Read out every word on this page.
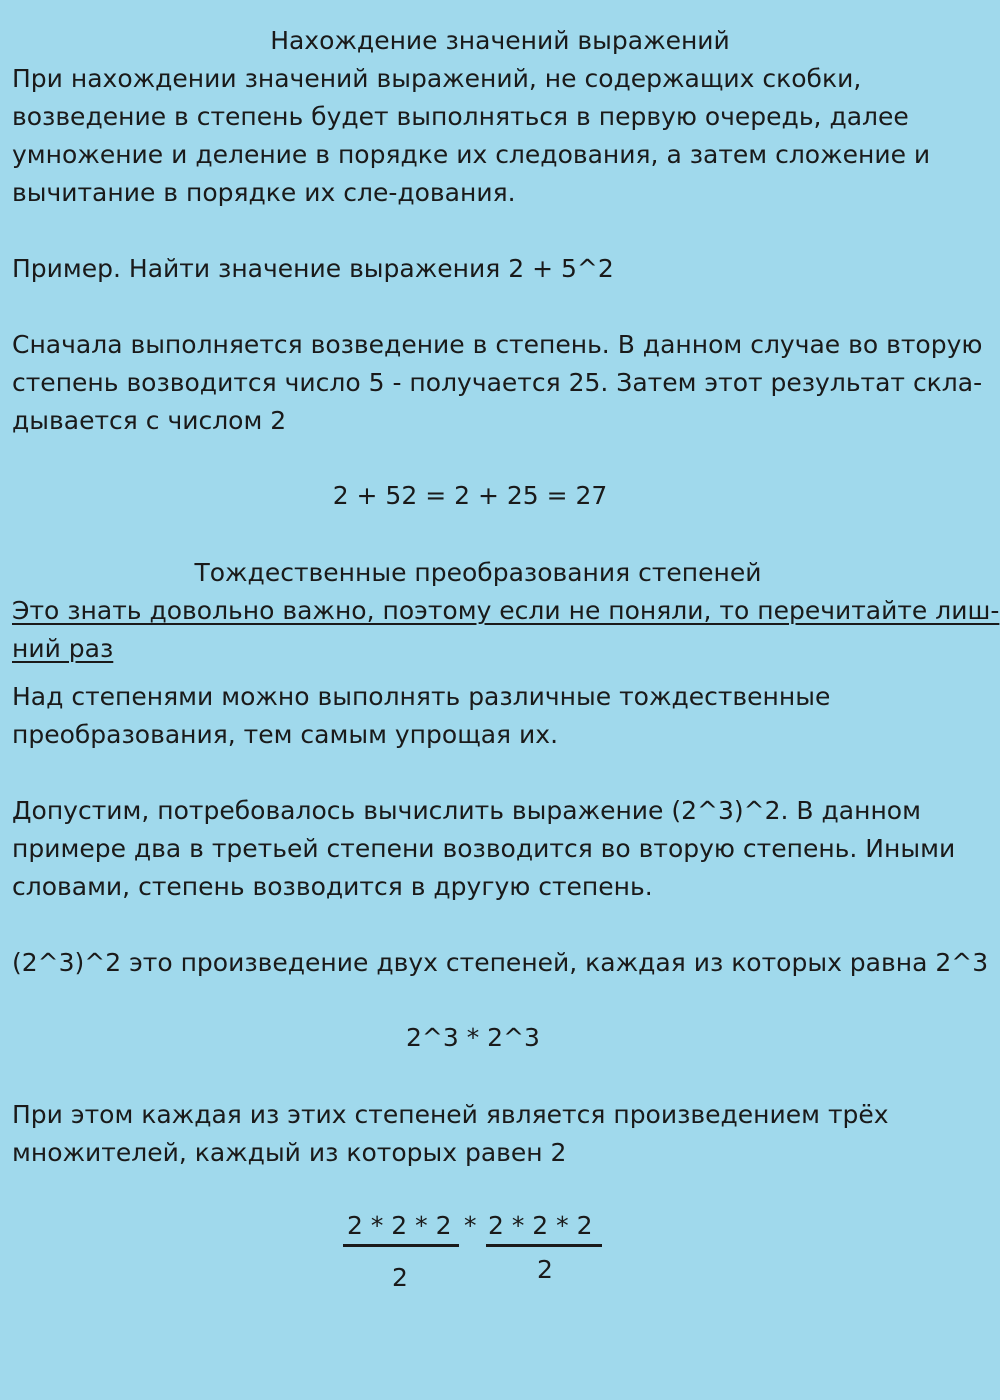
Нахождение значений выражений
При нахождении значений выражений, не содержащих скобки,
возведение в степень будет выполняться в первую очередь, далее
умножение и деление в порядке их следования, а затем сложение и
вычитание в порядке их сле-дования.
Пример. Найти значение выражения 2 + 5^2
Сначала выполняется возведение в степень. В данном случае во вторую
степень возводится число 5 - получается 25. Затем этот результат скла-
дывается с числом 2
2 + 52 = 2 + 25 = 27
Тождественные преобразования степеней
Это знать довольно важно, поэтому если не поняли, то перечитайте лиш-
ний раз
Над степенями можно выполнять различные тождественные
преобразования, тем самым упрощая их.
Допустим, потребовалось вычислить выражение (2^3)^2. В данном
примере два в третьей степени возводится во вторую степень. Иными
словами, степень возводится в другую степень.
(2^3)^2 это произведение двух степеней, каждая из которых равна 2^3
2^3 * 2^3
При этом каждая из этих степеней является произведением трёх
множителей, каждый из которых равен 2
2 * 2 * 2 * 2 * 2 * 2
2	2
